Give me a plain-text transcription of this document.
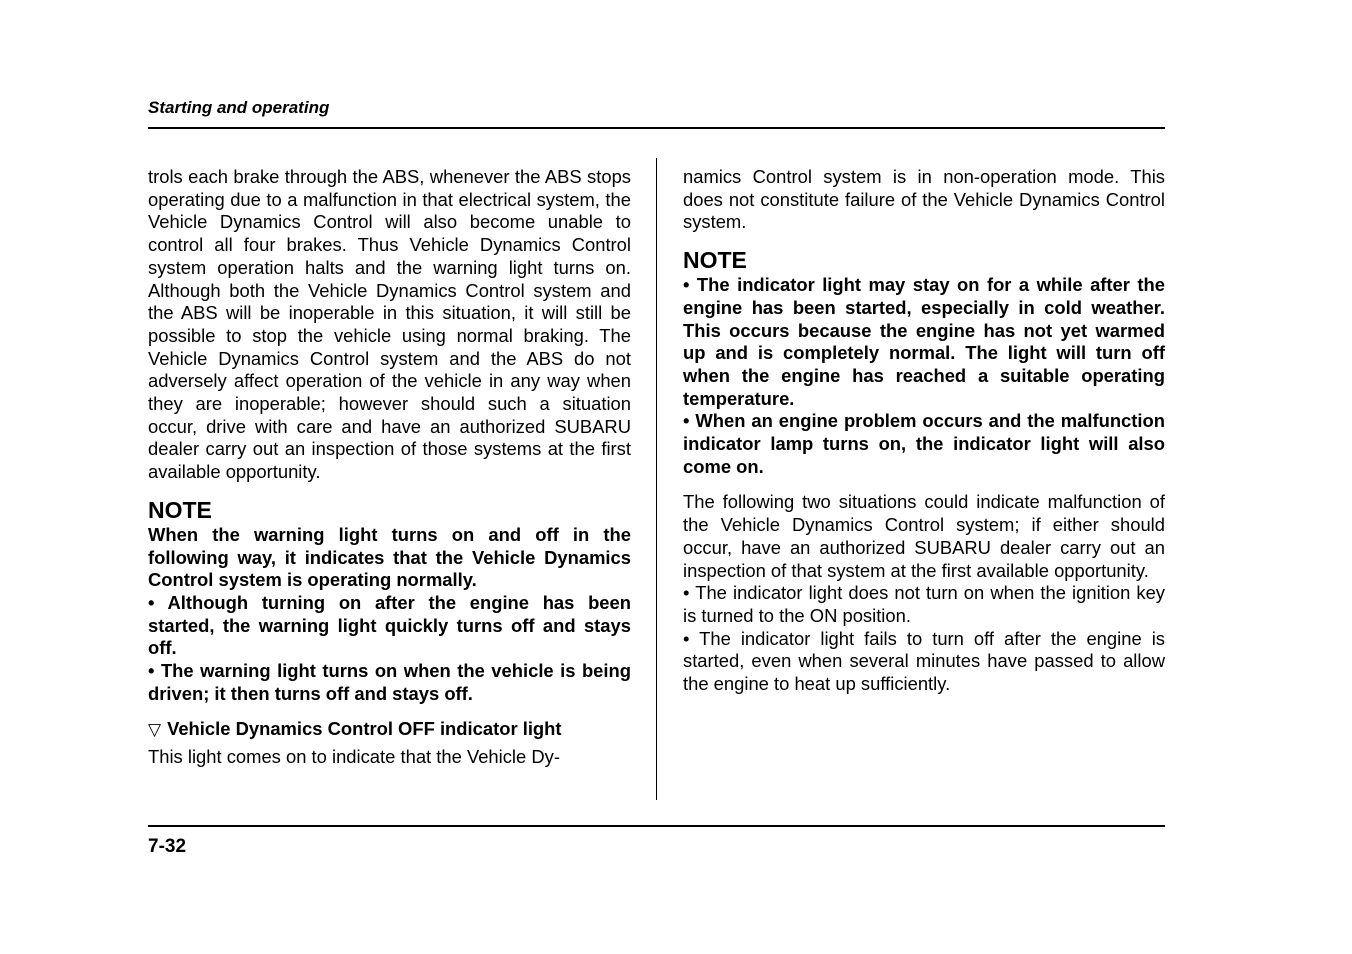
Starting and operating

trols each brake through the ABS, whenever the ABS stops operating due to a malfunction in that electrical system, the Vehicle Dynamics Control will also become unable to control all four brakes. Thus Vehicle Dynamics Control system operation halts and the warning light turns on. Although both the Vehicle Dynamics Control system and the ABS will be inoperable in this situation, it will still be possible to stop the vehicle using normal braking. The Vehicle Dynamics Control system and the ABS do not adversely affect operation of the vehicle in any way when they are inoperable; however should such a situation occur, drive with care and have an authorized SUBARU dealer carry out an inspection of those systems at the first available opportunity.

NOTE

When the warning light turns on and off in the following way, it indicates that the Vehicle Dynamics Control system is operating normally.

• Although turning on after the engine has been started, the warning light quickly turns off and stays off.

• The warning light turns on when the vehicle is being driven; it then turns off and stays off.

▽ Vehicle Dynamics Control OFF indicator light

This light comes on to indicate that the Vehicle Dy-

namics Control system is in non-operation mode. This does not constitute failure of the Vehicle Dynamics Control system.

NOTE

• The indicator light may stay on for a while after the engine has been started, especially in cold weather. This occurs because the engine has not yet warmed up and is completely normal. The light will turn off when the engine has reached a suitable operating temperature.

• When an engine problem occurs and the malfunction indicator lamp turns on, the indicator light will also come on.

The following two situations could indicate malfunction of the Vehicle Dynamics Control system; if either should occur, have an authorized SUBARU dealer carry out an inspection of that system at the first available opportunity.

• The indicator light does not turn on when the ignition key is turned to the ON position.

• The indicator light fails to turn off after the engine is started, even when several minutes have passed to allow the engine to heat up sufficiently.

7-32
